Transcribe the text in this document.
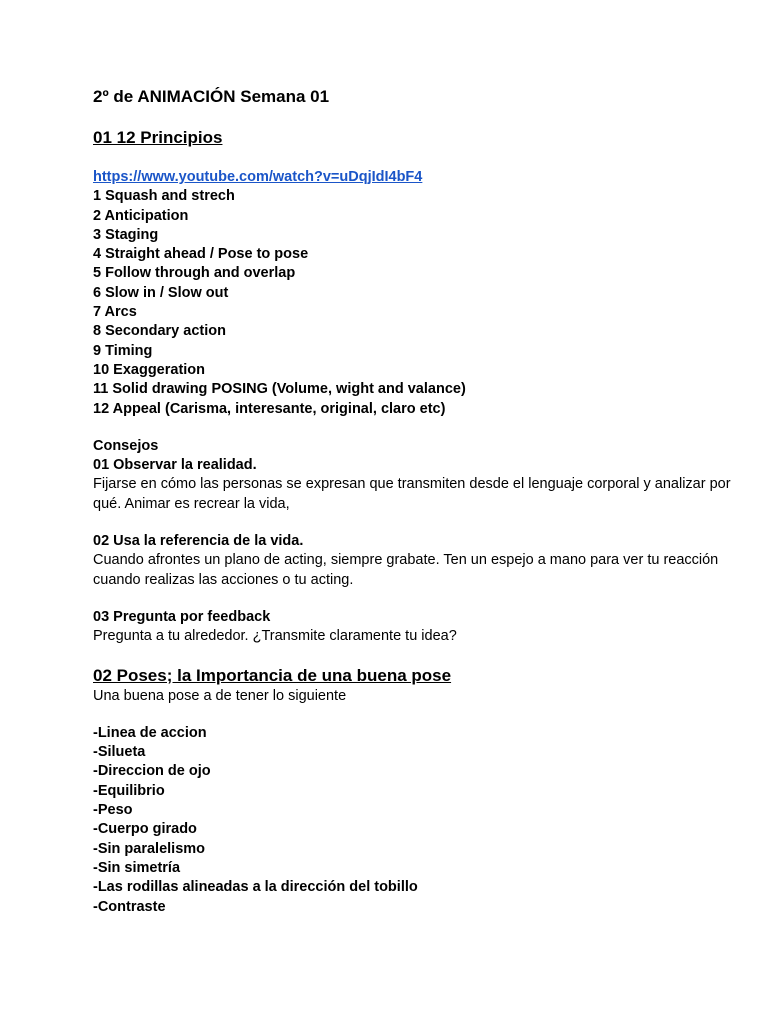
2º de ANIMACIÓN Semana 01
01 12 Principios
https://www.youtube.com/watch?v=uDqjIdI4bF4
1 Squash and strech
2 Anticipation
3 Staging
4 Straight ahead / Pose to pose
5 Follow through and overlap
6 Slow in / Slow out
7 Arcs
8 Secondary action
9 Timing
10 Exaggeration
11 Solid drawing POSING (Volume, wight and valance)
12 Appeal (Carisma, interesante, original, claro etc)
Consejos
01 Observar la realidad.

Fijarse en cómo las personas se expresan que transmiten desde el lenguaje corporal y analizar por qué. Animar es recrear la vida,

02 Usa la referencia de la vida.

Cuando afrontes un plano de acting, siempre grabate. Ten un espejo a mano para ver tu reacción cuando realizas las acciones o tu acting.

03 Pregunta por feedback

Pregunta a tu alrededor. ¿Transmite claramente tu idea?

02 Poses; la Importancia de una buena pose
Una buena pose a de tener lo siguiente
-Linea de accion
-Silueta
-Direccion de ojo
-Equilibrio
-Peso
-Cuerpo girado
-Sin paralelismo
-Sin simetría
-Las rodillas alineadas a la dirección del tobillo
-Contraste
